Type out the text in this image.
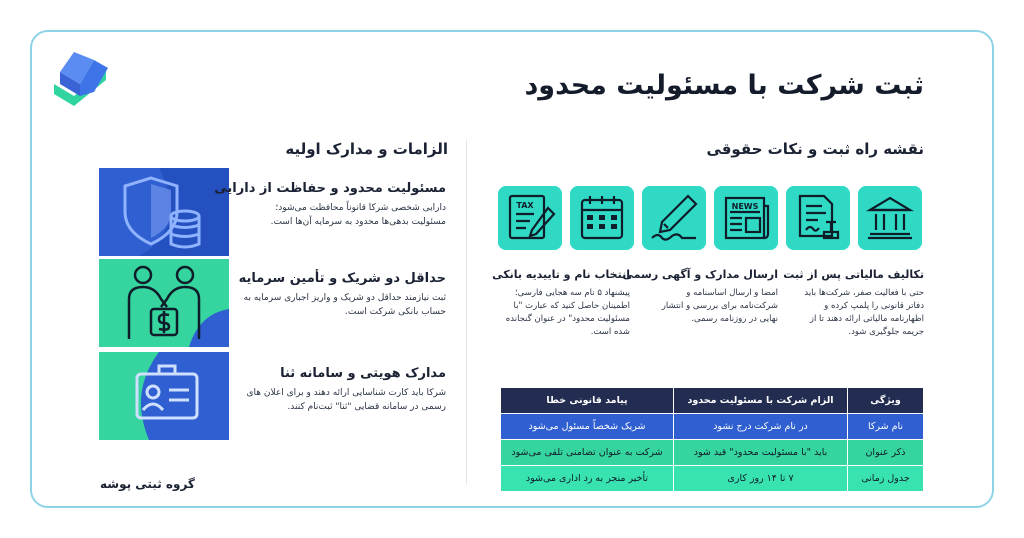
ثبت شرکت با مسئولیت محدود
الزامات و مدارک اولیه
مسئولیت محدود و حفاظت از دارایی
دارایی شخصی شرکا قانوناً محافظت می‌شود؛ مسئولیت بدهی‌ها محدود به سرمایه آن‌ها است.
حداقل دو شریک و تأمین سرمایه
ثبت نیازمند حداقل دو شریک و واریز اجباری سرمایه به حساب بانکی شرکت است.
مدارک هویتی و سامانه ثنا
شرکا باید کارت شناسایی ارائه دهند و برای اعلان های رسمی در سامانه قضایی "ثنا" ثبت‌نام کنند.
گروه ثبتی پوشه
نقشه راه ثبت و نکات حقوقی
NEWS
TAX
تکالیف مالیاتی پس از ثبت
حتی با فعالیت صفر، شرکت‌ها باید دفاتر قانونی را پلمپ کرده و اظهارنامه مالیاتی ارائه دهند تا از جریمه جلوگیری شود.
ارسال مدارک و آگهی رسمی
امضا و ارسال اساسنامه و شرکت‌نامه برای بررسی و انتشار نهایی در روزنامه رسمی.
انتخاب نام و تاییدیه بانکی
پیشنهاد ۵ نام سه هجایی فارسی؛ اطمینان حاصل کنید که عبارت "با مسئولیت محدود" در عنوان گنجانده شده است.
ویژگی	الزام شرکت با مسئولیت محدود	پیامد قانونی خطا
نام شرکا	در نام شرکت درج نشود	شریک شخصاً مسئول می‌شود
ذکر عنوان	باید "با مسئولیت محدود" قید شود	شرکت به عنوان تضامنی تلقی می‌شود
جدول زمانی	۷ تا ۱۴ روز کاری	تأخیر منجر به رد اداری می‌شود
